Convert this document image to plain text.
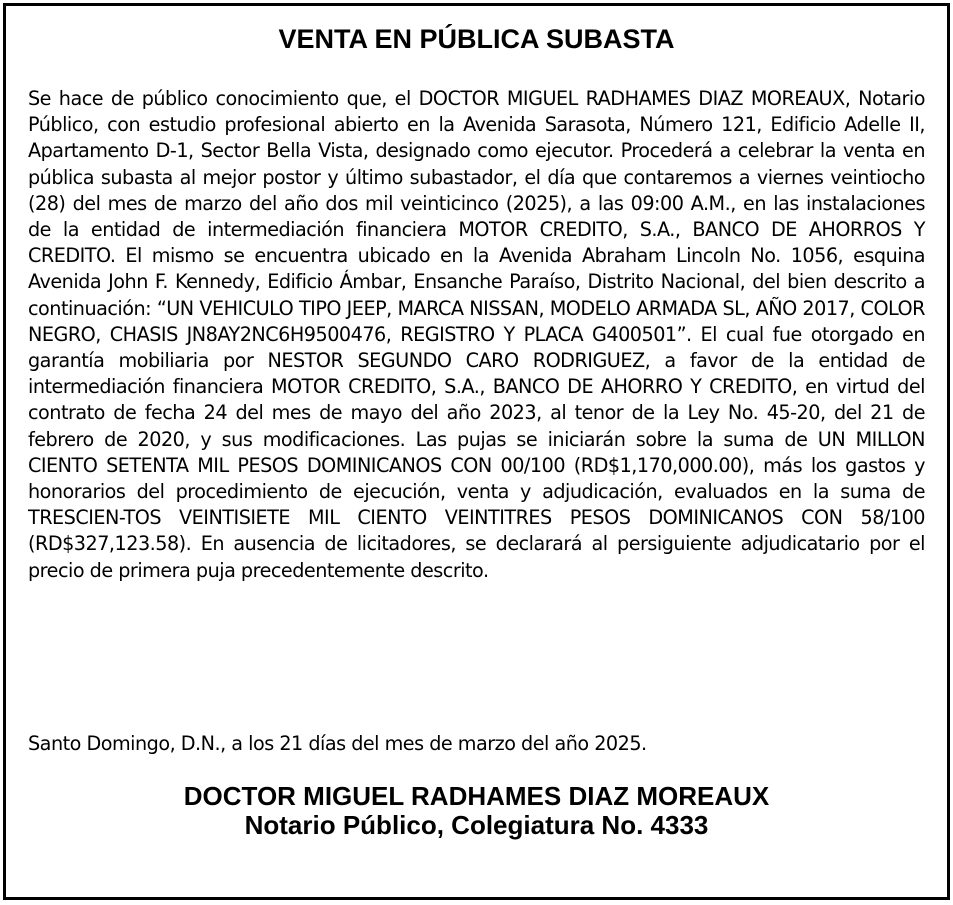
VENTA EN PÚBLICA SUBASTA

Se hace de público conocimiento que, el DOCTOR MIGUEL RADHAMES DIAZ MOREAUX, Notario Público, con estudio profesional abierto en la Avenida Sarasota, Número 121, Edificio Adelle II, Apartamento D-1, Sector Bella Vista, designado como ejecutor. Procederá a celebrar la venta en pública subasta al mejor postor y último subastador, el día que contaremos a viernes veintiocho (28) del mes de marzo del año dos mil veinticinco (2025), a las 09:00 A.M., en las instalaciones de la entidad de intermediación financiera MOTOR CREDITO, S.A., BANCO DE AHORROS Y CREDITO. El mismo se encuentra ubicado en la Avenida Abraham Lincoln No. 1056, esquina Avenida John F. Kennedy, Edificio Ámbar, Ensanche Paraíso, Distrito Nacional, del bien descrito a continuación: “UN VEHICULO TIPO JEEP, MARCA NISSAN, MODELO ARMADA SL, AÑO 2017, COLOR NEGRO, CHASIS JN8AY2NC6H9500476, REGISTRO Y PLACA G400501”. El cual fue otorgado en garantía mobiliaria por NESTOR SEGUNDO CARO RODRIGUEZ, a favor de la entidad de intermediación financiera MOTOR CREDITO, S.A., BANCO DE AHORRO Y CREDITO, en virtud del contrato de fecha 24 del mes de mayo del año 2023, al tenor de la Ley No. 45-20, del 21 de febrero de 2020, y sus modificaciones. Las pujas se iniciarán sobre la suma de UN MILLON CIENTO SETENTA MIL PESOS DOMINICANOS CON 00/100 (RD$1,170,000.00), más los gastos y honorarios del procedimiento de ejecución, venta y adjudicación, evaluados en la suma de TRESCIEN-TOS VEINTISIETE MIL CIENTO VEINTITRES PESOS DOMINICANOS CON 58/100 (RD$327,123.58). En ausencia de licitadores, se declarará al persiguiente adjudicatario por el precio de primera puja precedentemente descrito.

Santo Domingo, D.N., a los 21 días del mes de marzo del año 2025.

DOCTOR MIGUEL RADHAMES DIAZ MOREAUX
Notario Público, Colegiatura No. 4333
